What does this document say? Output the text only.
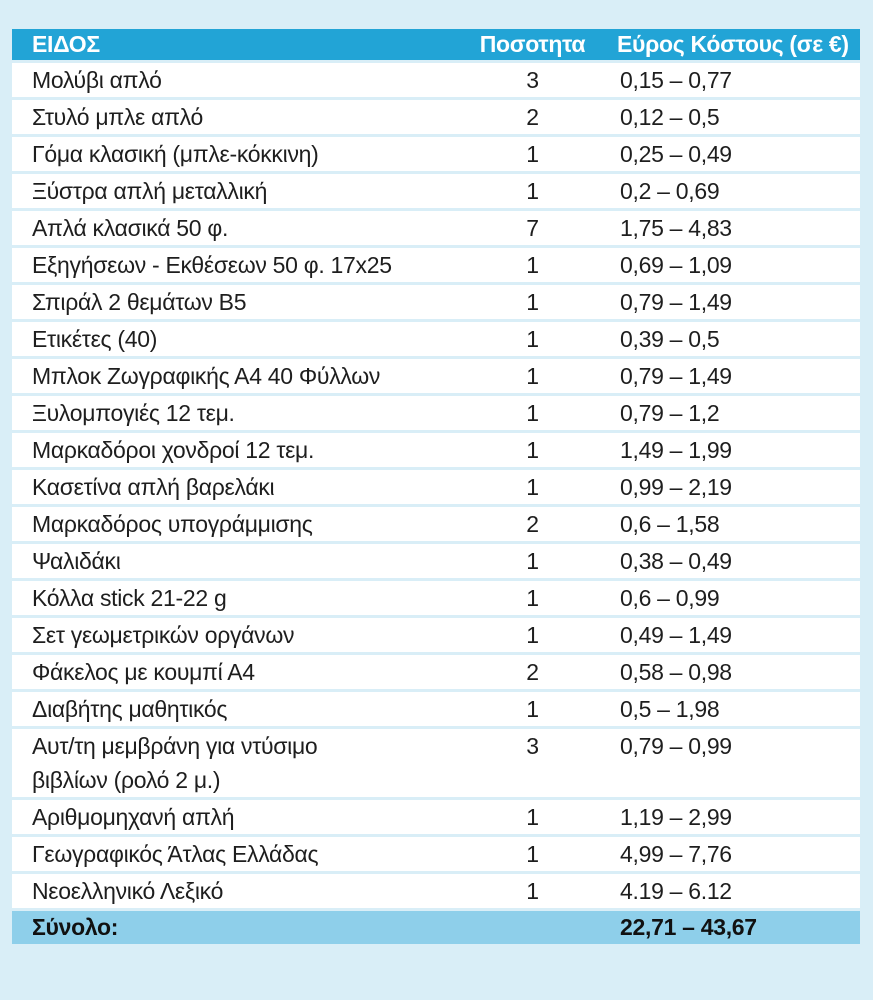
ΕΙΔΟΣ	Ποσοτητα	Εύρος Κόστους (σε €)
Μολύβι απλό	3	0,15 – 0,77
Στυλό μπλε απλό	2	0,12 – 0,5
Γόμα κλασική (μπλε-κόκκινη)	1	0,25 – 0,49
Ξύστρα απλή μεταλλική	1	0,2 – 0,69
Απλά κλασικά 50 φ.	7	1,75 – 4,83
Εξηγήσεων - Εκθέσεων 50 φ. 17x25	1	0,69 – 1,09
Σπιράλ 2 θεμάτων B5	1	0,79 – 1,49
Ετικέτες (40)	1	0,39 – 0,5
Μπλοκ Ζωγραφικής Α4 40 Φύλλων	1	0,79 – 1,49
Ξυλομπογιές 12 τεμ.	1	0,79 – 1,2
Μαρκαδόροι χονδροί 12 τεμ.	1	1,49 – 1,99
Κασετίνα απλή βαρελάκι	1	0,99 – 2,19
Μαρκαδόρος υπογράμμισης	2	0,6 – 1,58
Ψαλιδάκι	1	0,38 – 0,49
Κόλλα stick 21-22 g	1	0,6 – 0,99
Σετ γεωμετρικών οργάνων	1	0,49 – 1,49
Φάκελος με κουμπί Α4	2	0,58 – 0,98
Διαβήτης μαθητικός	1	0,5 – 1,98

Αυτ/τη μεμβράνη για ντύσιμο
βιβλίων (ρολό 2 μ.)	3	0,79 – 0,99
Αριθμομηχανή απλή	1	1,19 – 2,99
Γεωγραφικός Άτλας Ελλάδας	1	4,99 – 7,76
Νεοελληνικό Λεξικό	1	4.19 – 6.12
Σύνολο:		22,71 – 43,67
